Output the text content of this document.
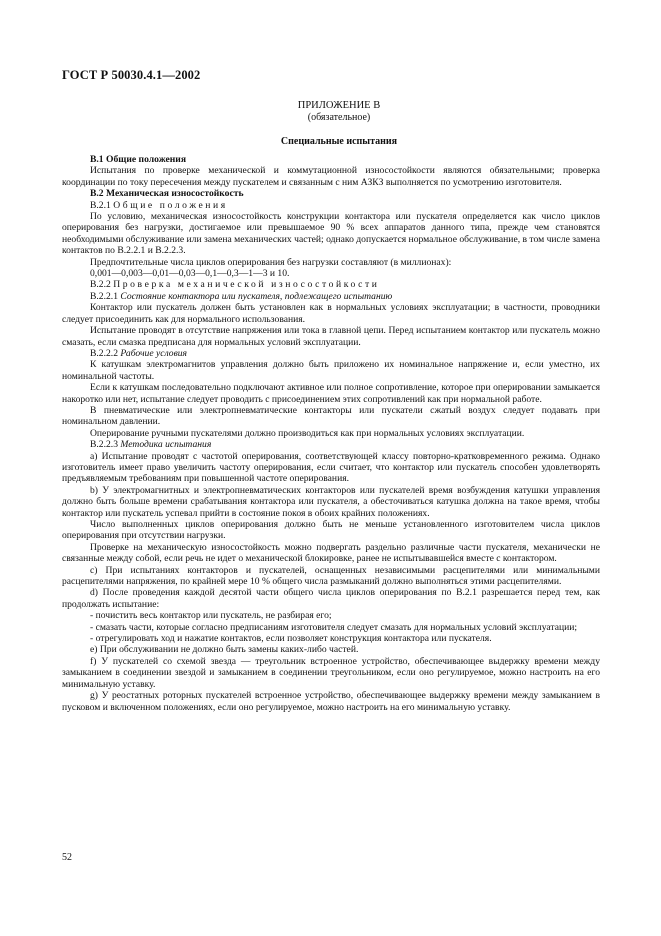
ГОСТ Р 50030.4.1—2002
ПРИЛОЖЕНИЕ В
(обязательное)
Специальные испытания

В.1 Общие положения

Испытания по проверке механической и коммутационной износостойкости являются обязательными; проверка координации по току пересечения между пускателем и связанным с ним АЗКЗ выполняется по усмотрению изготовителя.

В.2 Механическая износостойкость

В.2.1 Общие положения

По условию, механическая износостойкость конструкции контактора или пускателя определяется как число циклов оперирования без нагрузки, достигаемое или превышаемое 90 % всех аппаратов данного типа, прежде чем становятся необходимыми обслуживание или замена механических частей; однако допускается нормальное обслуживание, в том числе замена контактов по В.2.2.1 и В.2.2.3.

Предпочтительные числа циклов оперирования без нагрузки составляют (в миллионах):

0,001—0,003—0,01—0,03—0,1—0,3—1—3 и 10.

В.2.2 Проверка механической износостойкости

В.2.2.1 Состояние контактора или пускателя, подлежащего испытанию

Контактор или пускатель должен быть установлен как в нормальных условиях эксплуатации; в частности, проводники следует присоединить как для нормального использования.

Испытание проводят в отсутствие напряжения или тока в главной цепи. Перед испытанием контактор или пускатель можно смазать, если смазка предписана для нормальных условий эксплуатации.

В.2.2.2 Рабочие условия

К катушкам электромагнитов управления должно быть приложено их номинальное напряжение и, если уместно, их номинальной частоты.

Если к катушкам последовательно подключают активное или полное сопротивление, которое при оперировании замыкается накоротко или нет, испытание следует проводить с присоединением этих сопротивлений как при нормальной работе.

В пневматические или электропневматические контакторы или пускатели сжатый воздух следует подавать при номинальном давлении.

Оперирование ручными пускателями должно производиться как при нормальных условиях эксплуатации.

В.2.2.3 Методика испытания

а) Испытание проводят с частотой оперирования, соответствующей классу повторно-кратковременного режима. Однако изготовитель имеет право увеличить частоту оперирования, если считает, что контактор или пускатель способен удовлетворять предъявляемым требованиям при повышенной частоте оперирования.

b) У электромагнитных и электропневматических контакторов или пускателей время возбуждения катушки управления должно быть больше времени срабатывания контактора или пускателя, а обесточиваться катушка должна на такое время, чтобы контактор или пускатель успевал прийти в состояние покоя в обоих крайних положениях.

Число выполненных циклов оперирования должно быть не меньше установленного изготовителем числа циклов оперирования при отсутствии нагрузки.

Проверке на механическую износостойкость можно подвергать раздельно различные части пускателя, механически не связанные между собой, если речь не идет о механической блокировке, ранее не испытывавшейся вместе с контактором.

c) При испытаниях контакторов и пускателей, оснащенных независимыми расцепителями или минимальными расцепителями напряжения, по крайней мере 10 % общего числа размыканий должно выполняться этими расцепителями.

d) После проведения каждой десятой части общего числа циклов оперирования по В.2.1 разрешается перед тем, как продолжать испытание:

- почистить весь контактор или пускатель, не разбирая его;

- смазать части, которые согласно предписаниям изготовителя следует смазать для нормальных условий эксплуатации;

- отрегулировать ход и нажатие контактов, если позволяет конструкция контактора или пускателя.

e) При обслуживании не должно быть замены каких-либо частей.

f) У пускателей со схемой звезда — треугольник встроенное устройство, обеспечивающее выдержку времени между замыканием в соединении звездой и замыканием в соединении треугольником, если оно регулируемое, можно настроить на его минимальную уставку.

g) У реостатных роторных пускателей встроенное устройство, обеспечивающее выдержку времени между замыканием в пусковом и включенном положениях, если оно регулируемое, можно настроить на его минимальную уставку.

52
